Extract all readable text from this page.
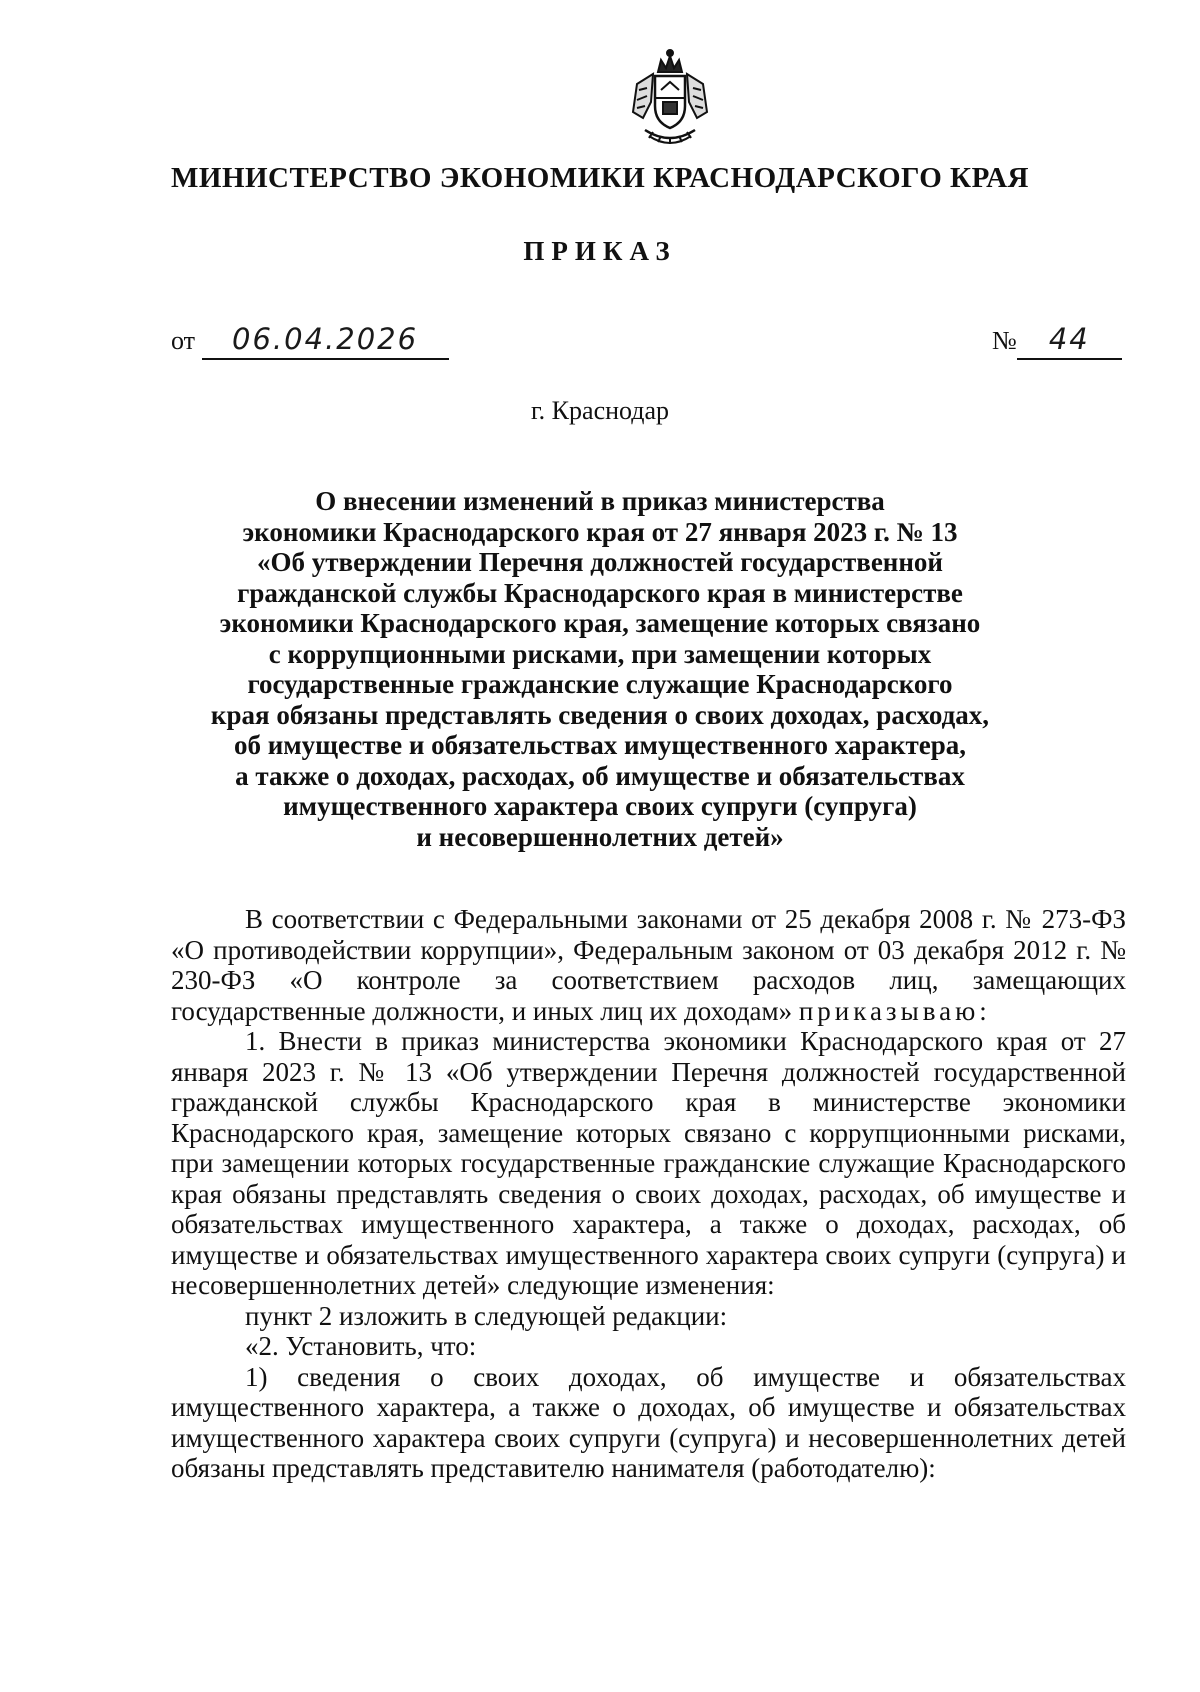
МИНИСТЕРСТВО ЭКОНОМИКИ КРАСНОДАРСКОГО КРАЯ
ПРИКАЗ
от 06.04.2026	№ 44
г. Краснодар
О внесении изменений в приказ министерства
экономики Краснодарского края от 27 января 2023 г. № 13
«Об утверждении Перечня должностей государственной
гражданской службы Краснодарского края в министерстве
экономики Краснодарского края, замещение которых связано
с коррупционными рисками, при замещении которых
государственные гражданские служащие Краснодарского
края обязаны представлять сведения о своих доходах, расходах,
об имуществе и обязательствах имущественного характера,
а также о доходах, расходах, об имуществе и обязательствах
имущественного характера своих супруги (супруга)
и несовершеннолетних детей»

В соответствии с Федеральными законами от 25 декабря 2008 г. № 273-ФЗ «О противодействии коррупции», Федеральным законом от 03 декабря 2012 г. № 230-ФЗ «О контроле за соответствием расходов лиц, замещающих государственные должности, и иных лиц их доходам» приказываю:

1. Внести в приказ министерства экономики Краснодарского края от 27 января 2023 г. № 13 «Об утверждении Перечня должностей государственной гражданской службы Краснодарского края в министерстве экономики Краснодарского края, замещение которых связано с коррупционными рисками, при замещении которых государственные гражданские служащие Краснодарского края обязаны представлять сведения о своих доходах, расходах, об имуществе и обязательствах имущественного характера, а также о доходах, расходах, об имуществе и обязательствах имущественного характера своих супруги (супруга) и несовершеннолетних детей» следующие изменения:

пункт 2 изложить в следующей редакции:

«2. Установить, что:

1) сведения о своих доходах, об имуществе и обязательствах имущественного характера, а также о доходах, об имуществе и обязательствах имущественного характера своих супруги (супруга) и несовершеннолетних детей обязаны представлять представителю нанимателя (работодателю):
